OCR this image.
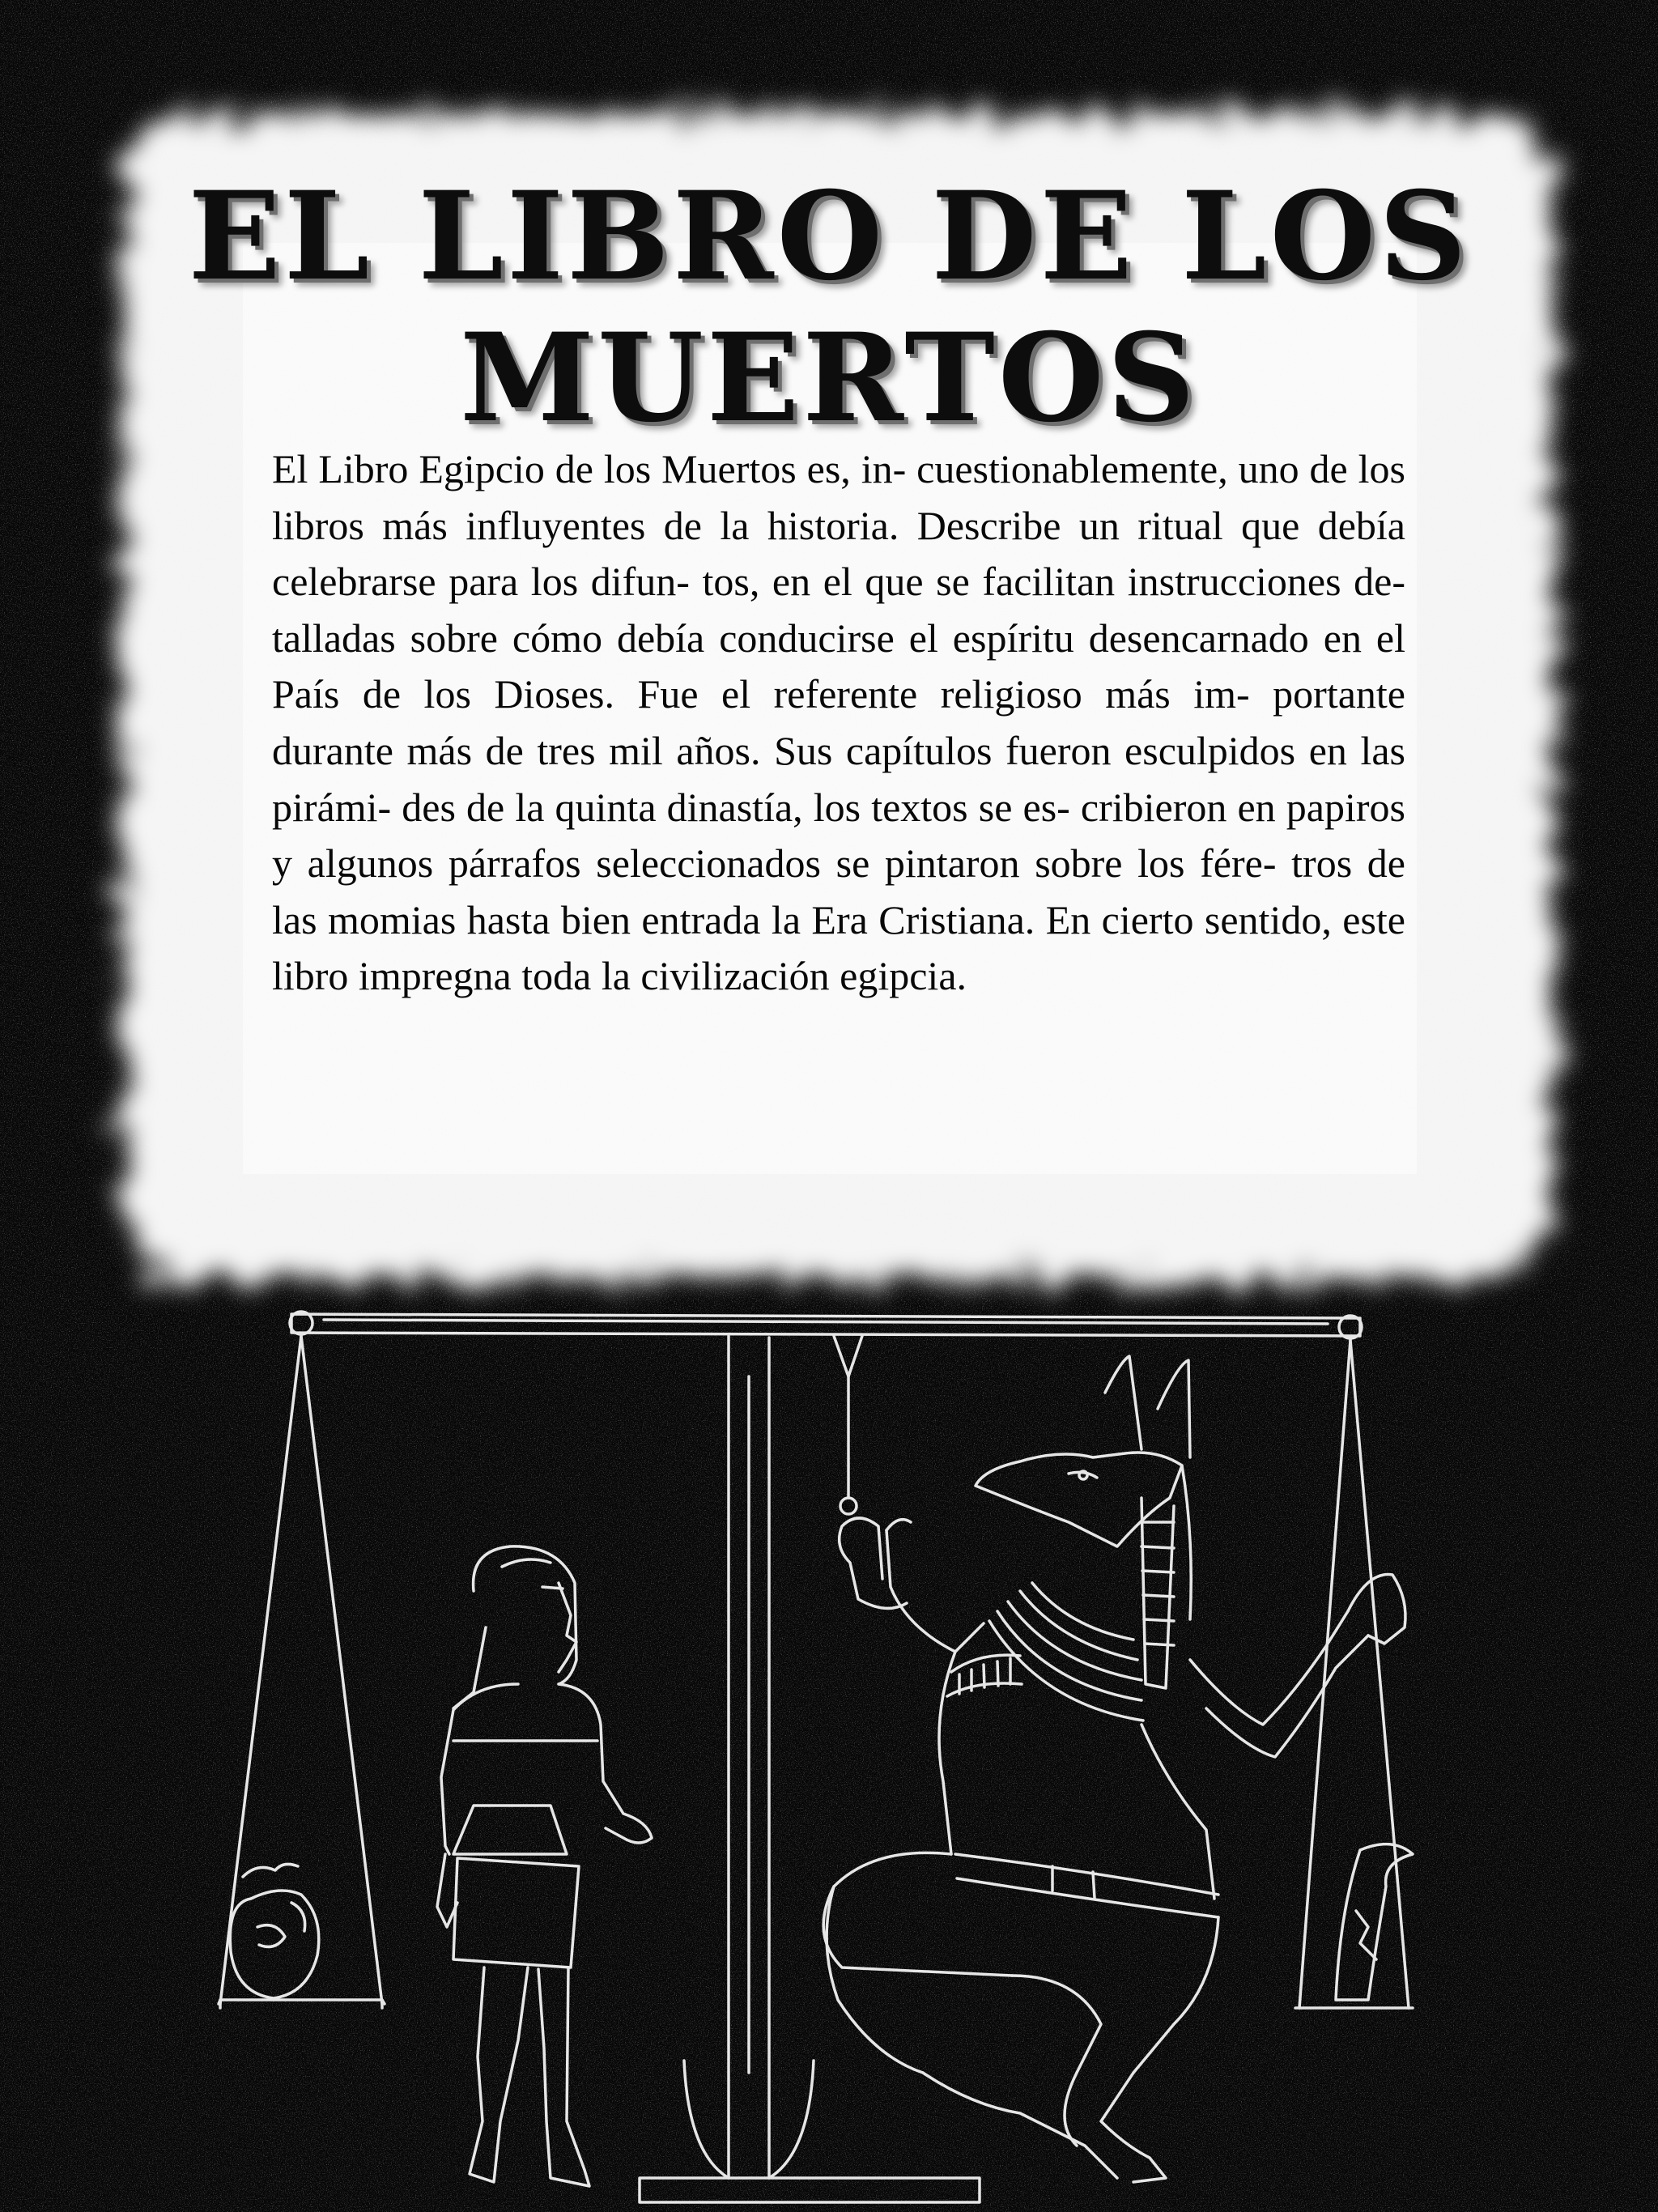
EL LIBRO DE LOS
MUERTOS

El Libro Egipcio de los Muertos es, in- cuestionablemente, uno de los libros más influyentes de la historia. Describe un ritual que debía celebrarse para los difun- tos, en el que se facilitan instrucciones de- talladas sobre cómo debía conducirse el espíritu desencarnado en el País de los Dioses. Fue el referente religioso más im- portante durante más de tres mil años. Sus capítulos fueron esculpidos en las pirámi- des de la quinta dinastía, los textos se es- cribieron en papiros y algunos párrafos seleccionados se pintaron sobre los fére- tros de las momias hasta bien entrada la Era Cristiana. En cierto sentido, este libro impregna toda la civilización egipcia.
